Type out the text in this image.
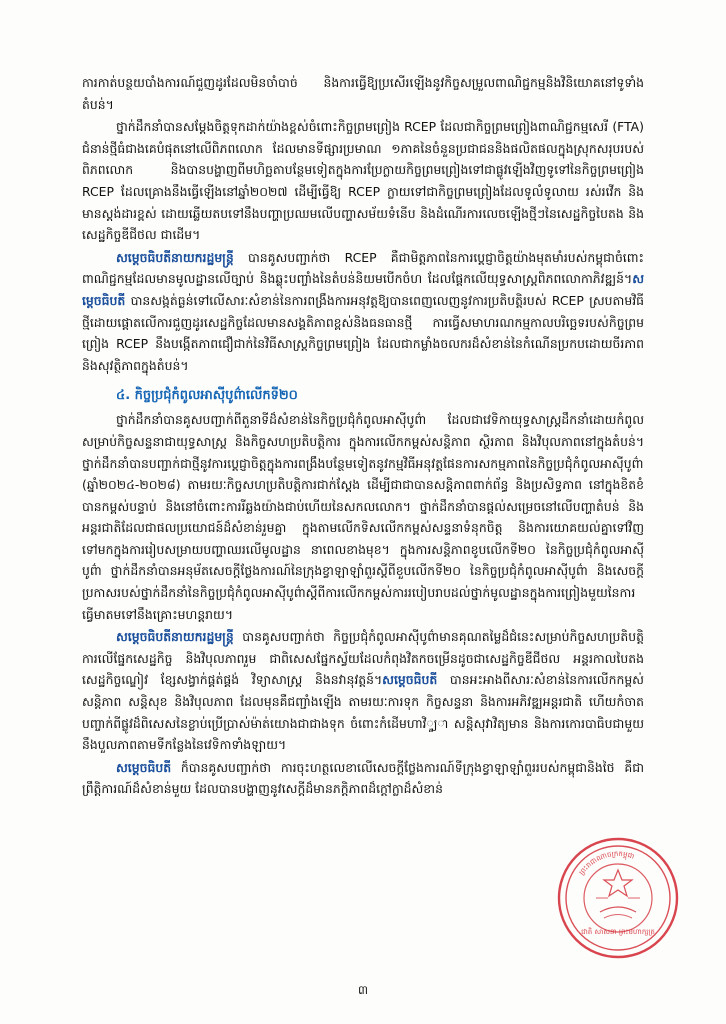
ការកាត់បន្ថយបាំងការណ៍ជួញដូរដែលមិនចាំបាច់ និងការធ្វើឱ្យប្រសើរឡើងនូវកិច្ចសម្រួលពាណិជ្ជកម្មនិងវិនិយោគនៅទូទាំងតំបន់។

ថ្នាក់ដឹកនាំបានសម្តែងចិត្តទុកដាក់យ៉ាងខ្ពស់ចំពោះកិច្ចព្រមព្រៀង RCEP ដែលជាកិច្ចព្រមព្រៀងពាណិជ្ជកម្មសេរី (FTA) ជំនាន់ថ្មីធំជាងគេបំផុតនៅលើពិភពលោក ដែលមានទីផ្សារប្រមាណ ១ភាគនៃចំនួនប្រជាជននិងផលិតផលក្នុងស្រុកសរុបរបស់ពិភពលោក និងបានបង្ហាញពីមហិច្ឆតាបន្ថែមទៀតក្នុងការប្រែក្លាយកិច្ចព្រមព្រៀងទៅជាផ្លូវឡើងវិញទូទៅនៃកិច្ចព្រមព្រៀង RCEP ដែលគ្រោងនឹងធ្វើឡើងនៅឆ្នាំ២០២៧ ដើម្បីធ្វើឱ្យ RCEP ក្លាយទៅជាកិច្ចព្រមព្រៀងដែលទូលំទូលាយ រស់រវើក និងមានស្តង់ដារខ្ពស់ ដោយឆ្លើយតបទៅនឹងបញ្ហាប្រឈមលើបញ្ហាសម័យទំនើប និងដំណើរការលេចឡើងថ្មីៗនៃសេដ្ឋកិច្ចបៃតង និងសេដ្ឋកិច្ចឌីជីថល ជាដើម។

សម្តេចធិបតីនាយករដ្ឋមន្ត្រី បានគូសបញ្ជាក់ថា RCEP គឺជាមិត្តភាពនៃការប្តេជ្ញាចិត្តយ៉ាងមុតមាំរបស់កម្ពុជាចំពោះពាណិជ្ជកម្មដែលមានមូលដ្ឋានលើច្បាប់ និងឆ្លុះបញ្ចាំងនៃតំបន់និយមបើកចំហ ដែលផ្តែកលើយុទ្ធសាស្ត្រពិភពលោកាភិវឌ្ឍន៍។សម្តេចធិបតី បានសង្កត់ធ្ងន់ទៅលើសារៈសំខាន់នៃការពង្រឹងការអនុវត្តឱ្យបានពេញលេញនូវការប្រតិបត្តិរបស់ RCEP ស្របតាមវិធីថ្មីដោយផ្តោតលើការជួញដូរសេដ្ឋកិច្ចដែលមានសង្គតិភាពខ្ពស់និងធនធានថ្មី ការធ្វើសមាហរណកម្មកាលបរិច្ឆេទរបស់កិច្ចព្រមព្រៀង RCEP នឹងបង្កើតភាពជឿជាក់នៃវិធីសាស្ត្រកិច្ចព្រមព្រៀង ដែលជាកម្លាំងចលករដ៏សំខាន់នៃកំណើនប្រកបដោយចីរភាពនិងសុវត្ថិភាពក្នុងតំបន់។

៤. កិច្ចប្រជុំកំពូលអាស៊ីបូព៌ាលើកទី២០

ថ្នាក់ដឹកនាំបានគូសបញ្ជាក់ពីតួនាទីដ៏សំខាន់នៃកិច្ចប្រជុំកំពូលអាស៊ីបូព៌ា ដែលជាវេទិកាយុទ្ធសាស្ត្រដឹកនាំដោយកំពូលសម្រាប់កិច្ចសន្ទនាជាយុទ្ធសាស្ត្រ និងកិច្ចសហប្រតិបត្តិការ ក្នុងការលើកកម្ពស់សន្តិភាព ស្ថិរភាព និងវិបុលភាពនៅក្នុងតំបន់។ ថ្នាក់ដឹកនាំបានបញ្ជាក់ជាថ្មីនូវការប្តេជ្ញាចិត្តក្នុងការពង្រឹងបន្ថែមទៀតនូវកម្មវិធីអនុវត្តផែនការសកម្មភាពនៃកិច្ចប្រជុំកំពូលអាស៊ីបូព៌ា (ឆ្នាំ២០២៤-២០២៨) តាមរយៈកិច្ចសហប្រតិបត្តិការជាក់ស្តែង ដើម្បីជាជាបានសន្តិភាពពាក់ព័ន្ធ និងប្រសិទ្ធភាព នៅក្នុងខិតខំបានកម្ពស់បន្ទាប់ និងនៅចំពោះការរីឆ្លងយ៉ាងជាប់ហើយនៃសកលលោក។ ថ្នាក់ដឹកនាំបានផ្តល់សម្រេចនៅលើបញ្ហាតំបន់ និងអន្តរជាតិដែលជាផលប្រយោជន៍ដ៏សំខាន់រួមគ្នា ក្នុងតាមលើកទិសលើកកម្ពស់សន្ទនាទំនុកចិត្ត និងការយោគយល់គ្នាទៅវិញទៅមកក្នុងការរៀបសម្រាយបញ្ហាឈរលើមូលដ្ឋាន នាពេលខាងមុខ។ ក្នុងការសន្តិភាពខូបលើកទី២០ នៃកិច្ចប្រជុំកំពូលអាស៊ីបូព៌ា ថ្នាក់ដឹកនាំបានអនុម័តសេចក្តីថ្លែងការណ៍នៃក្រុងខ្វាឡាឡាំពួរស្តីពីខួបលើកទី២០ នៃកិច្ចប្រជុំកំពូលអាស៊ីបូព៌ា និងសេចក្តីប្រកាសរបស់ថ្នាក់ដឹកនាំនៃកិច្ចប្រជុំកំពូលអាស៊ីបូព៌ាស្តីពីការលើកកម្ពស់ការរបៀបរាបដល់ថ្នាក់មូលដ្ឋានក្នុងការព្រៀងមួយនៃការធ្វើមាតមទៅនឹងគ្រោះមហន្តរាយ។

សម្តេចធិបតីនាយករដ្ឋមន្ត្រី បានគូសបញ្ជាក់ថា កិច្ចប្រជុំកំពូលអាស៊ីបូព៌ាមានគុណតម្លៃដ៏ជំនេះសម្រាប់កិច្ចសហប្រតិបត្តិការលើផ្នែកសេដ្ឋកិច្ច និងវិបុលភាពរួម ជាពិសេសផ្នែកស័្វយដែលកំពុងវិតកចម្រើនដូចជាសេដ្ឋកិច្ចឌីជីថល អន្តរកាលបៃតង សេដ្ឋកិច្ចណ្ឌៀវ ខ្សែសង្វាក់ផ្គត់ផ្គង់ វិទ្យាសាស្ត្រ និងនវានុវត្តន៍។សម្តេចធិបតី បានអះអាងពីសារៈសំខាន់នៃការលើកកម្ពស់សន្តិភាព សន្តិសុខ និងវិបុលភាព ដែលមុនគឺជញ្ជាំងឡើង តាមរយៈការទុក កិច្ចសន្ទនា និងការអភិវឌ្ឍអន្តរជាតិ ហើយកំចាតបញ្ចាក់ពីផ្លូវដ៏ពិសេសនៃខ្លាប់ប្រើប្រាស់ម៉ាត់យោងជាជាងទុក ចំពោះកំដើមហាវិួ្យា សន្តិសុវាវិត្យមាន និងការកោរបាធិបជាមួយនឹងបួលភាពតាមទីកន្លែងនៃវេទិកាទាំងឡាយ។

សម្តេចធិបតី ក៏បានគូសបញ្ជាក់ថា ការចុះហត្ថលេខាលើសេចក្តីថ្លែងការណ៍ទីក្រុងខ្វាឡាឡាំពួររបស់កម្ពុជានិងថៃ គឺជាព្រឹត្តិការណ៍ដ៏សំខាន់មួយ ដែលបានបង្ហាញនូវសេក្ដីដ៏មានភក្ដិភាពដ៏ក្ដៅក្លាដ៏សំខាន់

ព្រះរាជាណាចក្រកម្ពុជា
ជាតិ សាសនា ព្រះមហាក្សត្រ
៣
